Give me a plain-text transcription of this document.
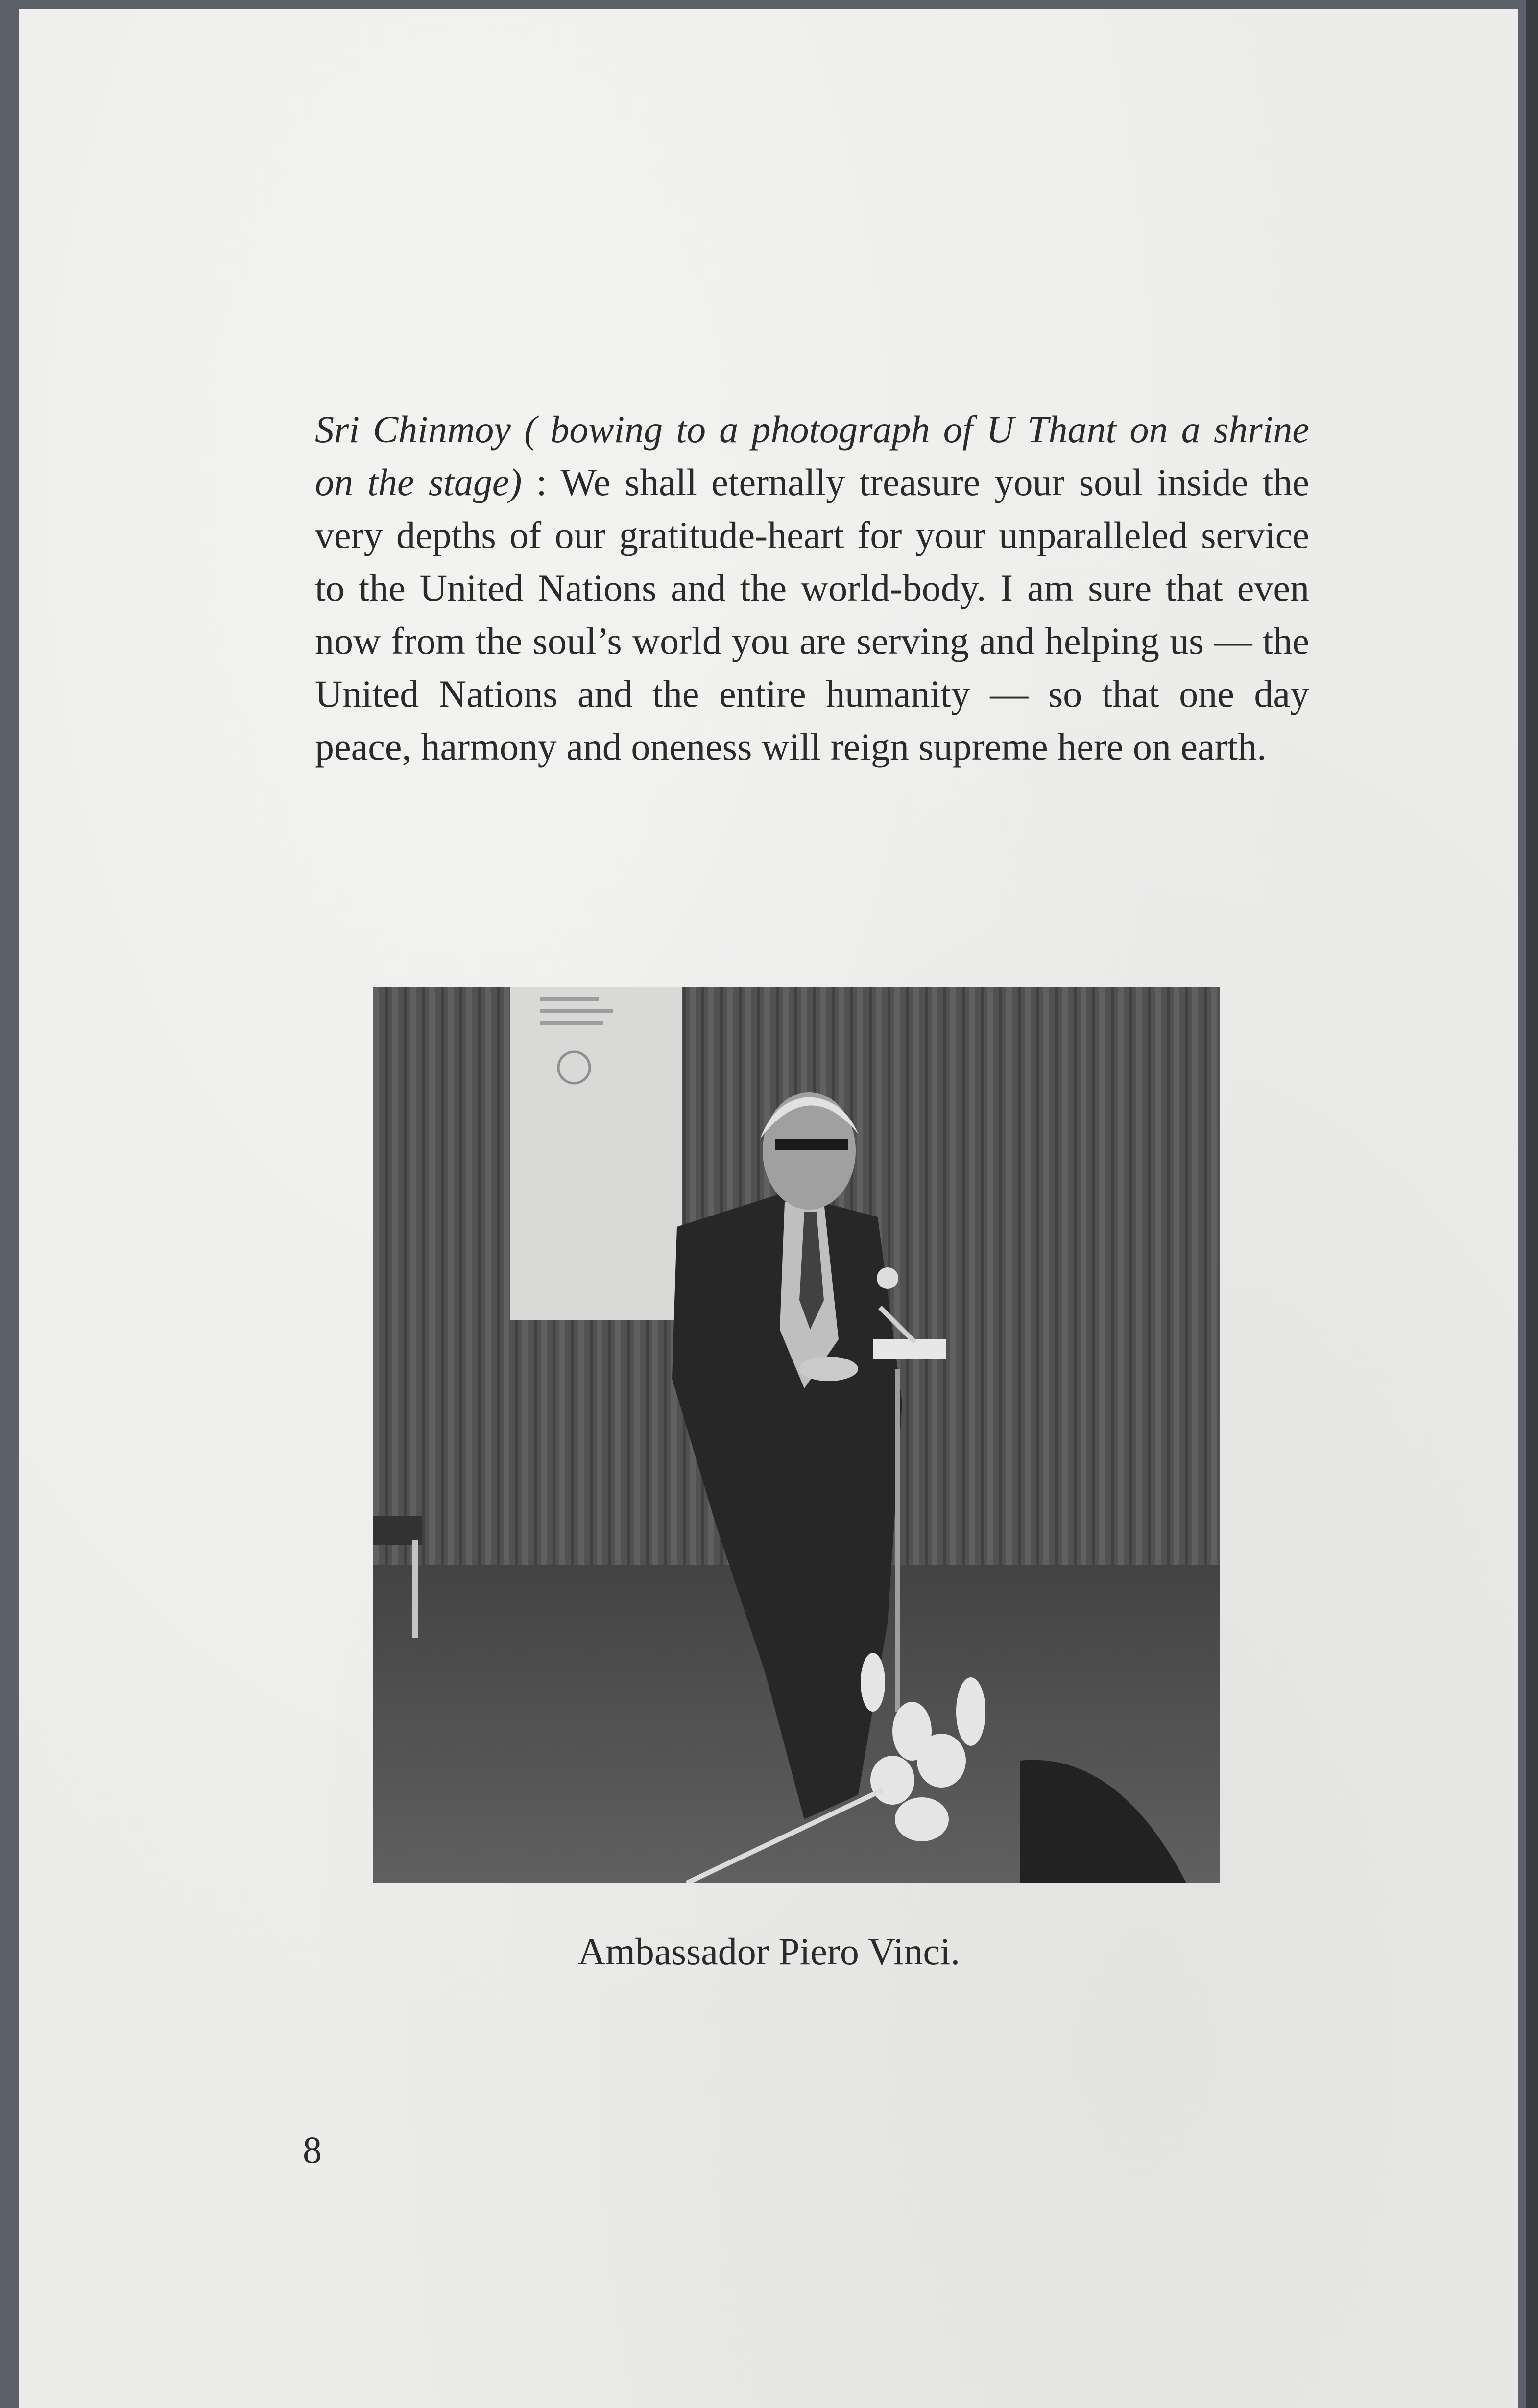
Sri Chinmoy ( bowing to a photograph of U Thant on a shrine on the stage) : We shall eternally treasure your soul inside the very depths of our gratitude-heart for your unparalleled service to the United Nations and the world-body. I am sure that even now from the soul’s world you are serving and helping us — the United Nations and the entire humanity — so that one day peace, harmony and oneness will reign supreme here on earth.

Ambassador Piero Vinci.
8
